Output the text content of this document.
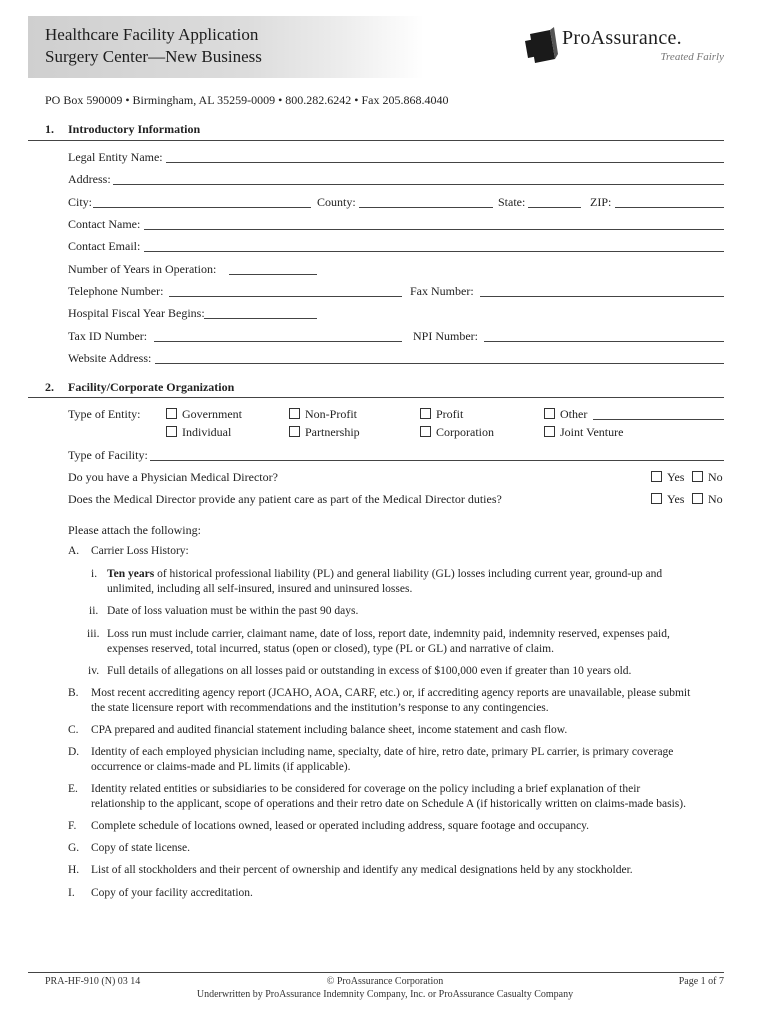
Healthcare Facility Application
Surgery Center—New Business
ProAssurance.
Treated Fairly
PO Box 590009 • Birmingham, AL 35259-0009 • 800.282.6242 • Fax 205.868.4040
1. Introductory Information
Legal Entity Name:
Address:
City:	County:	State:	ZIP:
Contact Name:
Contact Email:
Number of Years in Operation:
Telephone Number:	Fax Number:
Hospital Fiscal Year Begins:
Tax ID Number:	NPI Number:
Website Address:
2. Facility/Corporate Organization
Type of Entity:	Government	Non-Profit	Profit	Other
Individual	Partnership	Corporation	Joint Venture
Type of Facility:
Do you have a Physician Medical Director?	Yes No
Does the Medical Director provide any patient care as part of the Medical Director duties?	Yes No
Please attach the following:
A. Carrier Loss History:
i. Ten years of historical professional liability (PL) and general liability (GL) losses including current year, ground-up and
unlimited, including all self-insured, insured and uninsured losses.
ii. Date of loss valuation must be within the past 90 days.
iii. Loss run must include carrier, claimant name, date of loss, report date, indemnity paid, indemnity reserved, expenses paid,
expenses reserved, total incurred, status (open or closed), type (PL or GL) and narrative of claim.
iv. Full details of allegations on all losses paid or outstanding in excess of $100,000 even if greater than 10 years old.
B. Most recent accrediting agency report (JCAHO, AOA, CARF, etc.) or, if accrediting agency reports are unavailable, please submit
the state licensure report with recommendations and the institution’s response to any contingencies.
C. CPA prepared and audited financial statement including balance sheet, income statement and cash flow.
D. Identity of each employed physician including name, specialty, date of hire, retro date, primary PL carrier, is primary coverage
occurrence or claims-made and PL limits (if applicable).
E. Identity related entities or subsidiaries to be considered for coverage on the policy including a brief explanation of their
relationship to the applicant, scope of operations and their retro date on Schedule A (if historically written on claims-made basis).
F. Complete schedule of locations owned, leased or operated including address, square footage and occupancy.
G. Copy of state license.
H. List of all stockholders and their percent of ownership and identify any medical designations held by any stockholder.
I. Copy of your facility accreditation.
PRA-HF-910 (N) 03 14	© ProAssurance Corporation
Underwritten by ProAssurance Indemnity Company, Inc. or ProAssurance Casualty Company
Page 1 of 7
